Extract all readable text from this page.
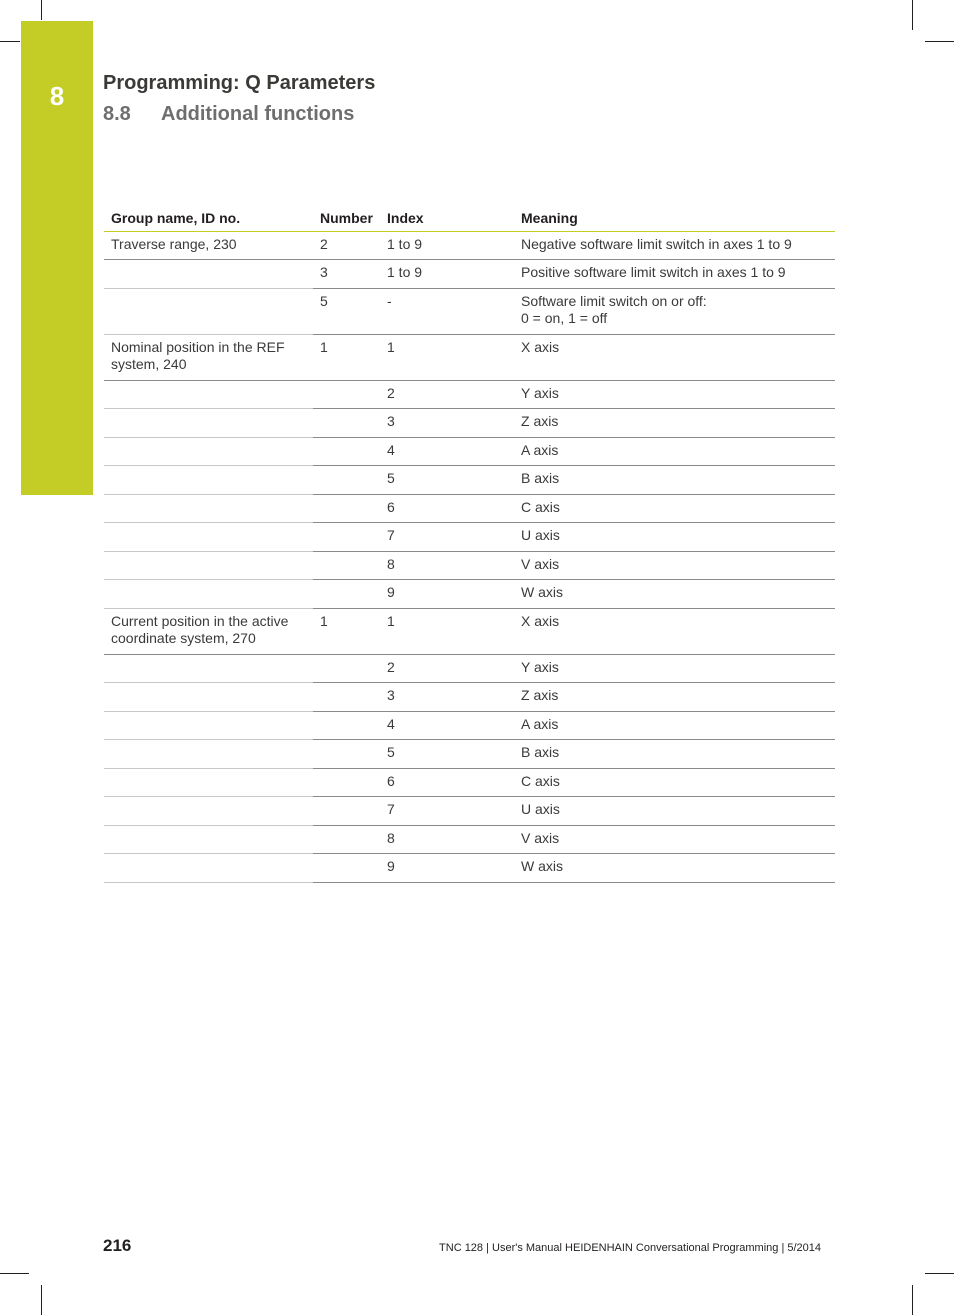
8	Programming: Q Parameters
8.8 Additional functions
Group name, ID no.	Number	Index	Meaning
Traverse range, 230	2	1 to 9	Negative software limit switch in axes 1 to 9

	3	1 to 9	Positive software limit switch in axes 1 to 9

	5	-	Software limit switch on or off:
0 = on, 1 = off

Nominal position in the REF system, 240	1	1	X axis

		2	Y axis

		3	Z axis

		4	A axis

		5	B axis

		6	C axis

		7	U axis

		8	V axis

		9	W axis

Current position in the active coordinate system, 270	1	1	X axis

		2	Y axis

		3	Z axis

		4	A axis

		5	B axis

		6	C axis

		7	U axis

		8	V axis

		9	W axis
216	TNC 128 | User's Manual HEIDENHAIN Conversational Programming | 5/2014
